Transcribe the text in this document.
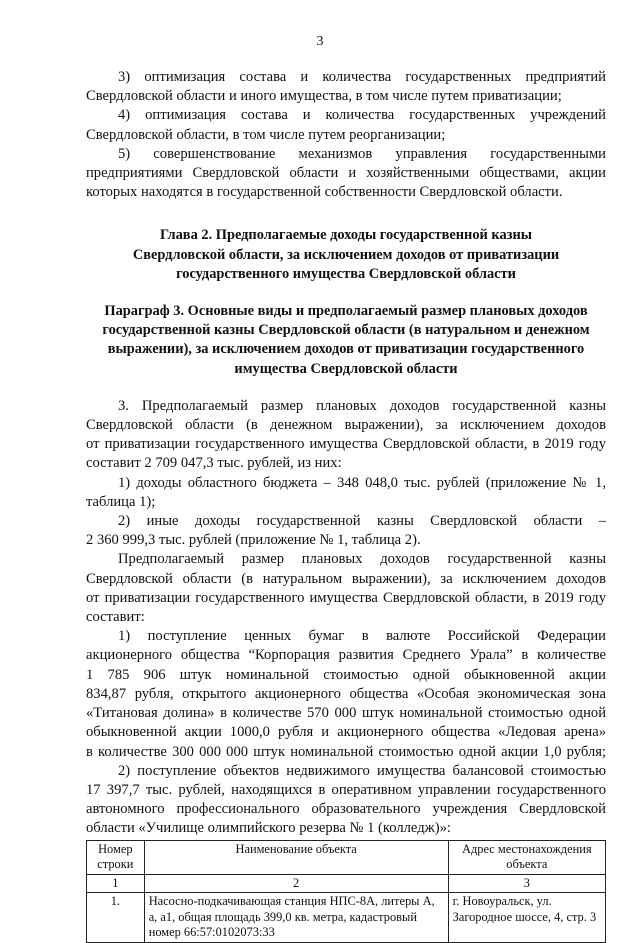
3

3) оптимизация состава и количества государственных предприятий

Свердловской области и иного имущества, в том числе путем приватизации;

4) оптимизация состава и количества государственных учреждений

Свердловской области, в том числе путем реорганизации;

5) совершенствование механизмов управления государственными

предприятиями Свердловской области и хозяйственными обществами, акции

которых находятся в государственной собственности Свердловской области.

Глава 2. Предполагаемые доходы государственной казны

Свердловской области, за исключением доходов от приватизации

государственного имущества Свердловской области

Параграф 3. Основные виды и предполагаемый размер плановых доходов

государственной казны Свердловской области (в натуральном и денежном

выражении), за исключением доходов от приватизации государственного

имущества Свердловской области

3. Предполагаемый размер плановых доходов государственной казны

Свердловской области (в денежном выражении), за исключением доходов

от приватизации государственного имущества Свердловской области, в 2019 году

составит 2 709 047,3 тыс. рублей, из них:

1) доходы областного бюджета – 348 048,0 тыс. рублей (приложение № 1,

таблица 1);

2) иные доходы государственной казны Свердловской области –

2 360 999,3 тыс. рублей (приложение № 1, таблица 2).

Предполагаемый размер плановых доходов государственной казны

Свердловской области (в натуральном выражении), за исключением доходов

от приватизации государственного имущества Свердловской области, в 2019 году

составит:

1) поступление ценных бумаг в валюте Российской Федерации

акционерного общества “Корпорация развития Среднего Урала” в количестве

1 785 906 штук номинальной стоимостью одной обыкновенной акции

834,87 рубля, открытого акционерного общества «Особая экономическая зона

«Титановая долина» в количестве 570 000 штук номинальной стоимостью одной

обыкновенной акции 1000,0 рубля и акционерного общества «Ледовая арена»

в количестве 300 000 000 штук номинальной стоимостью одной акции 1,0 рубля;

2) поступление объектов недвижимого имущества балансовой стоимостью

17 397,7 тыс. рублей, находящихся в оперативном управлении государственного

автономного профессионального образовательного учреждения Свердловской

области «Училище олимпийского резерва № 1 (колледж)»:

Номер строки	Наименование объекта	Адрес местонахождения объекта
1	2	3
1.	Насосно-подкачивающая станция НПС-8А, литеры А, а, а1, общая площадь 399,0 кв. метра, кадастровый номер 66:57:0102073:33	г. Новоуральск, ул. Загородное шоссе, 4, стр. 3
